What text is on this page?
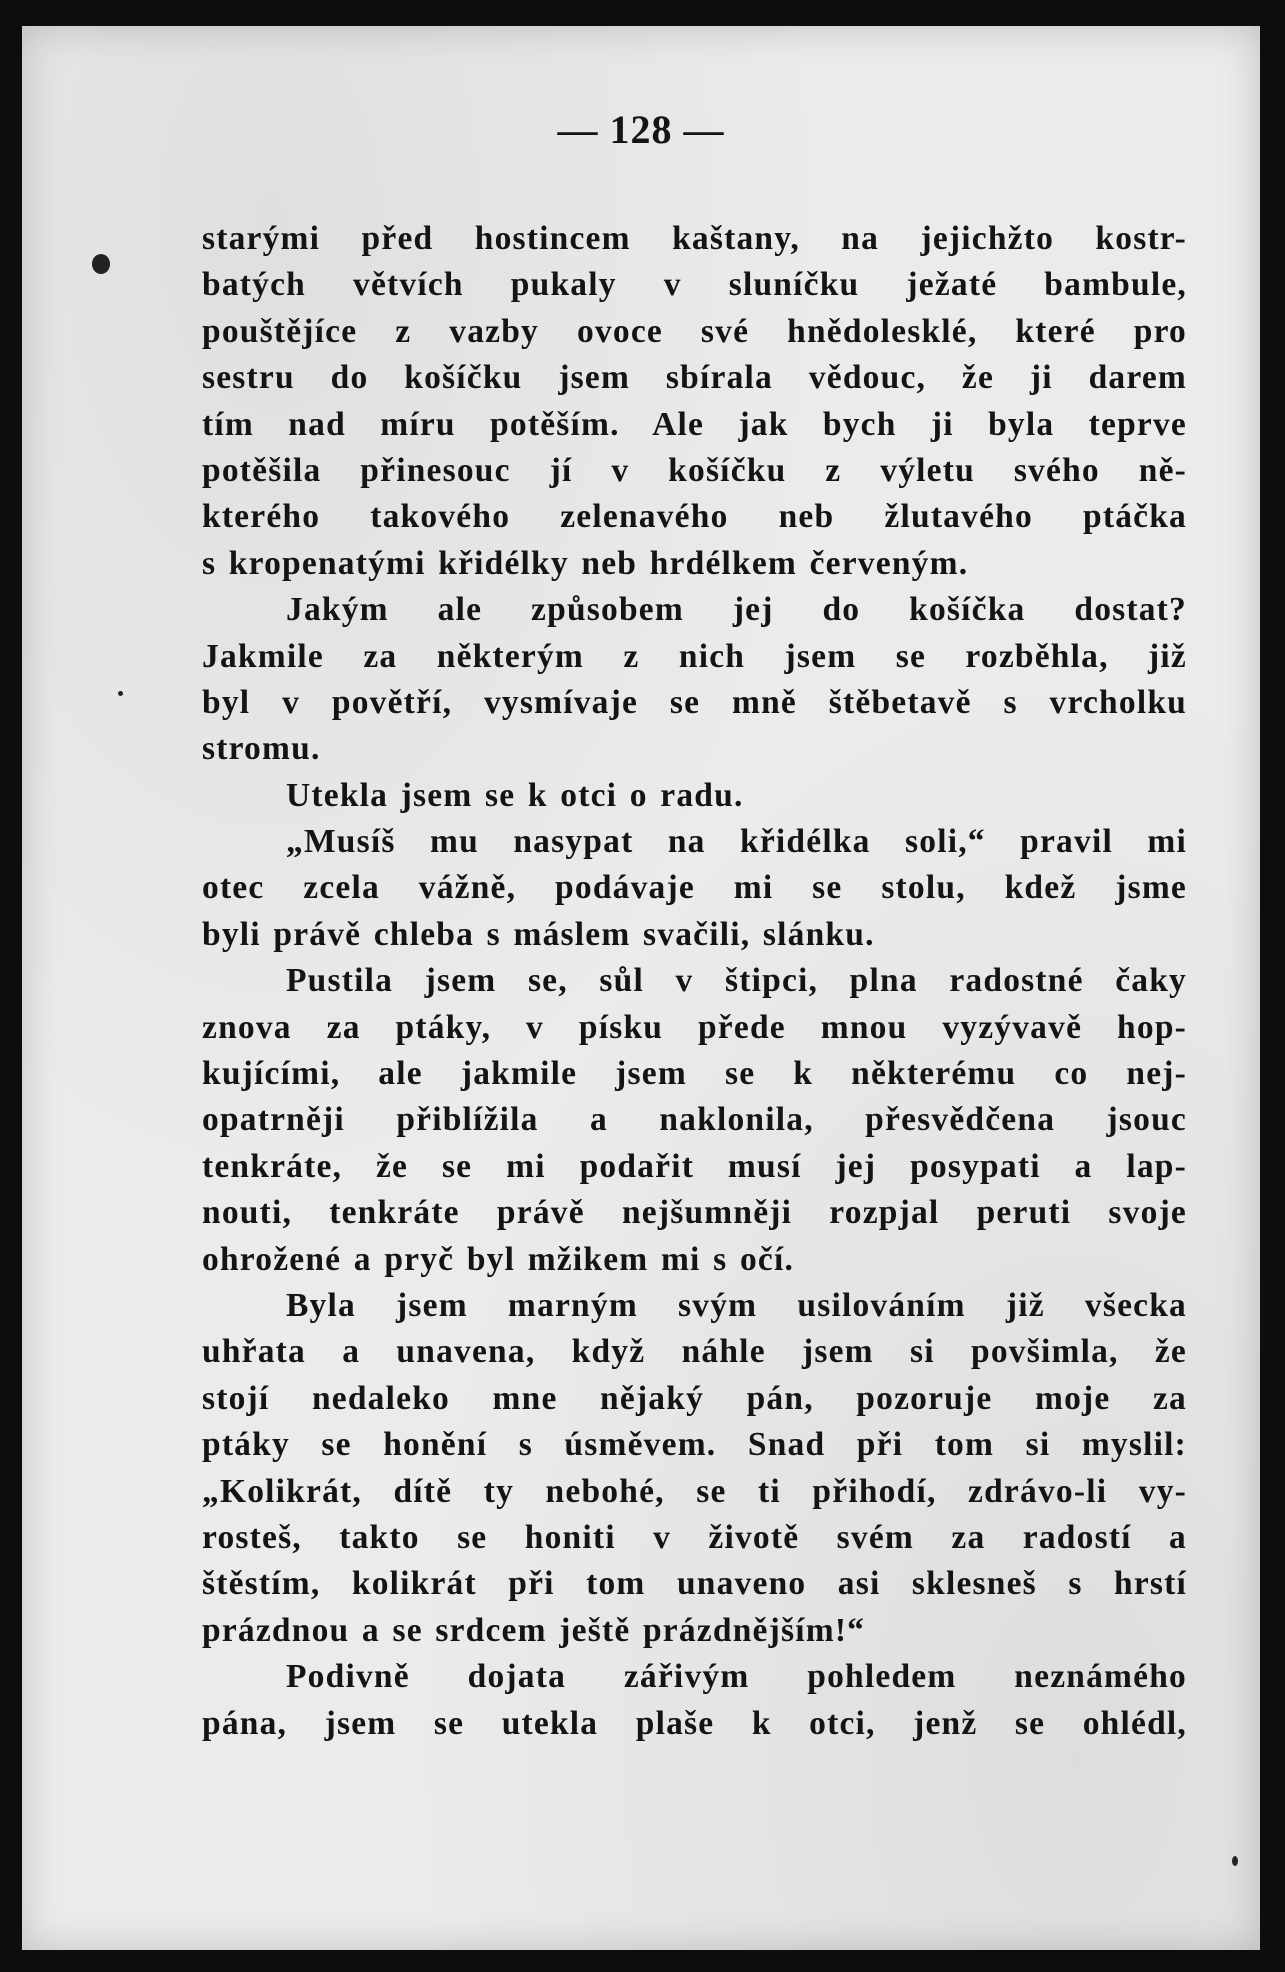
— 128 —
starými před hostincem kaštany, na jejichžto kostr-
batých větvích pukaly v sluníčku ježaté bambule,
pouštějíce z vazby ovoce své hnědolesklé, které pro
sestru do košíčku jsem sbírala vědouc, že ji darem
tím nad míru potěším. Ale jak bych ji byla teprve
potěšila přinesouc jí v košíčku z výletu svého ně-
kterého takového zelenavého neb žlutavého ptáčka
s kropenatými křidélky neb hrdélkem červeným.
Jakým ale způsobem jej do košíčka dostat?
Jakmile za některým z nich jsem se rozběhla, již
byl v povětří, vysmívaje se mně štěbetavě s vrcholku
stromu.
Utekla jsem se k otci o radu.
„Musíš mu nasypat na křidélka soli,“ pravil mi
otec zcela vážně, podávaje mi se stolu, kdež jsme
byli právě chleba s máslem svačili, slánku.
Pustila jsem se, sůl v štipci, plna radostné čaky
znova za ptáky, v písku přede mnou vyzývavě hop-
kujícími, ale jakmile jsem se k některému co nej-
opatrněji přiblížila a naklonila, přesvědčena jsouc
tenkráte, že se mi podařit musí jej posypati a lap-
nouti, tenkráte právě nejšumněji rozpjal peruti svoje
ohrožené a pryč byl mžikem mi s očí.
Byla jsem marným svým usilováním již všecka
uhřata a unavena, když náhle jsem si povšimla, že
stojí nedaleko mne nějaký pán, pozoruje moje za
ptáky se honění s úsměvem. Snad při tom si myslil:
„Kolikrát, dítě ty nebohé, se ti přihodí, zdrávo-li vy-
rosteš, takto se honiti v životě svém za radostí a
štěstím, kolikrát při tom unaveno asi sklesneš s hrstí
prázdnou a se srdcem ještě prázdnějším!“
Podivně dojata zářivým pohledem neznámého
pána, jsem se utekla plaše k otci, jenž se ohlédl,
